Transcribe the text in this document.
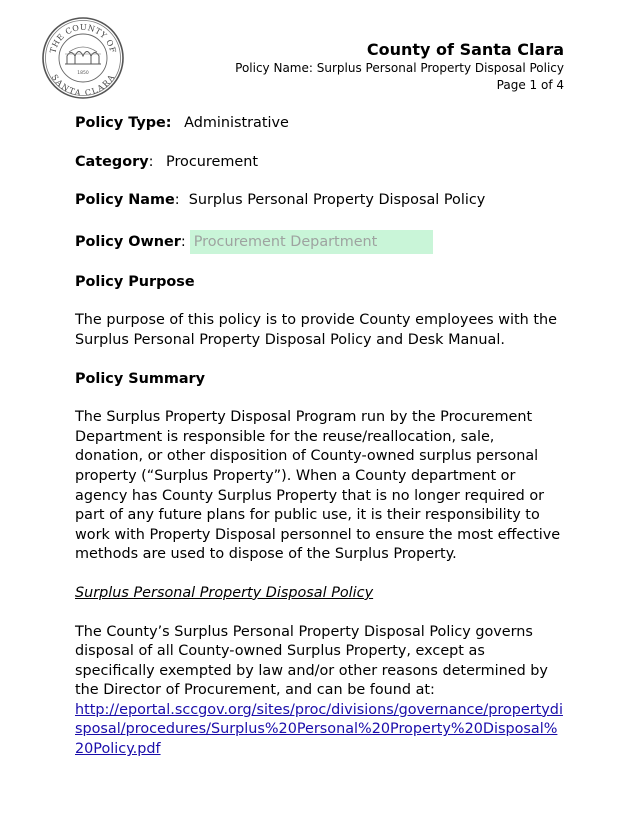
THE COUNTY OF
SANTA CLARA
1850
County of Santa Clara
Policy Name: Surplus Personal Property Disposal Policy
Page 1 of 4
Policy Type: Administrative
Category: Procurement
Policy Name:  Surplus Personal Property Disposal Policy
Policy Owner: Procurement Department
Policy Purpose
The purpose of this policy is to provide County employees with the Surplus Personal Property Disposal Policy and Desk Manual.
Policy Summary
The Surplus Property Disposal Program run by the Procurement Department is responsible for the reuse/reallocation, sale, donation, or other disposition of County-owned surplus personal property (“Surplus Property”). When a County department or agency has County Surplus Property that is no longer required or part of any future plans for public use, it is their responsibility to work with Property Disposal personnel to ensure the most effective methods are used to dispose of the Surplus Property.
Surplus Personal Property Disposal Policy
The County’s Surplus Personal Property Disposal Policy governs disposal of all County-owned Surplus Property, except as specifically exempted by law and/or other reasons determined by the Director of Procurement, and can be found at:
http://eportal.sccgov.org/sites/proc/divisions/governance/propertydisposal/procedures/Surplus%20Personal%20Property%20Disposal%20Policy.pdf
